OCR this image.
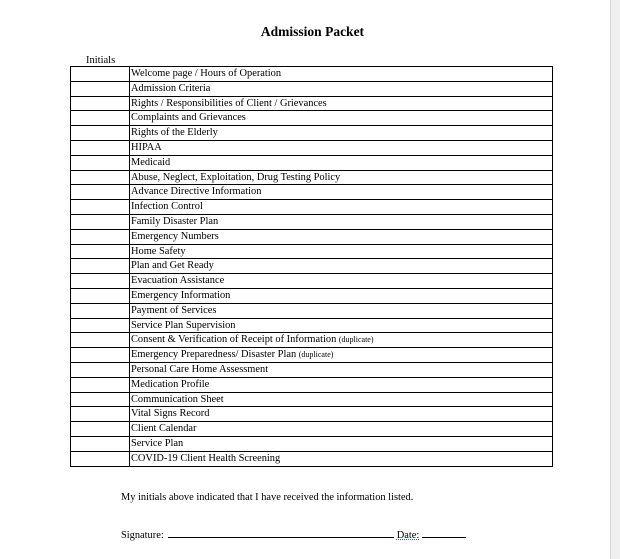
Admission Packet
Initials
	Welcome page / Hours of Operation
	Admission Criteria
	Rights / Responsibilities of Client / Grievances
	Complaints and Grievances
	Rights of the Elderly
	HIPAA
	Medicaid
	Abuse, Neglect, Exploitation, Drug Testing Policy
	Advance Directive Information
	Infection Control
	Family Disaster Plan
	Emergency Numbers
	Home Safety
	Plan and Get Ready
	Evacuation Assistance
	Emergency Information
	Payment of Services
	Service Plan Supervision
	Consent & Verification of Receipt of Information (duplicate)
	Emergency Preparedness/ Disaster Plan (duplicate)
	Personal Care Home Assessment
	Medication Profile
	Communication Sheet
	Vital Signs Record
	Client Calendar
	Service Plan
	COVID-19 Client Health Screening
My initials above indicated that I have received the information listed.
Signature:	Date:
